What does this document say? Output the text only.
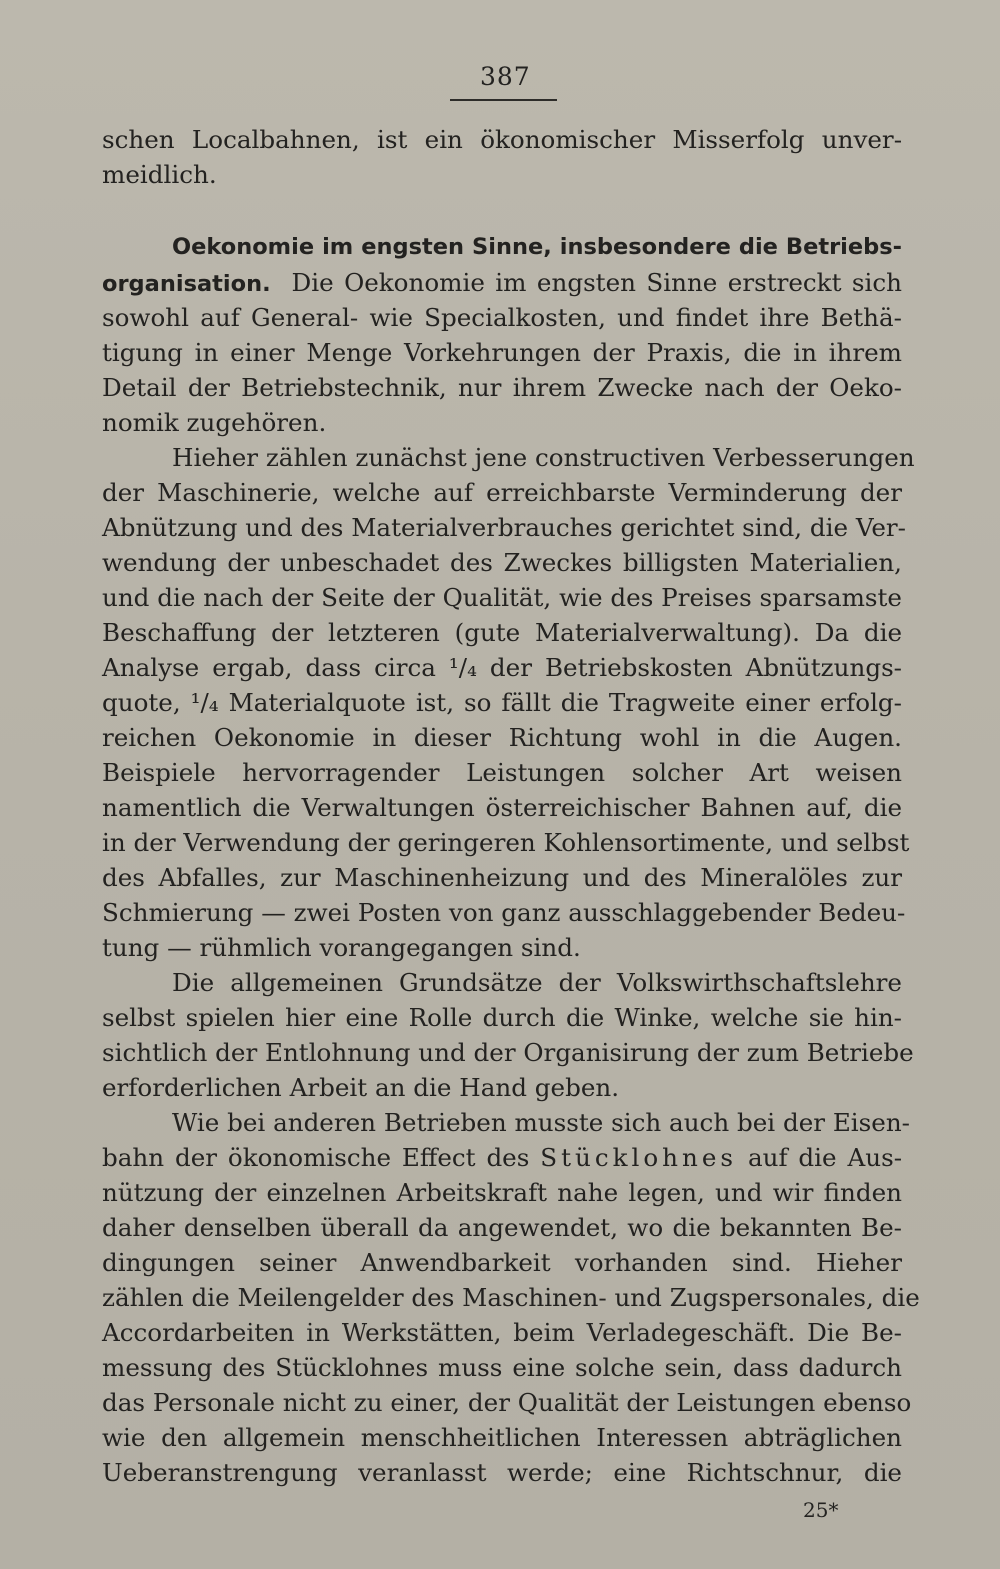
387
schen Localbahnen, ist ein ökonomischer Misserfolg unver-
meidlich.
Oekonomie im engsten Sinne, insbesondere die Betriebs-
organisation. Die Oekonomie im engsten Sinne erstreckt sich
sowohl auf General- wie Specialkosten, und findet ihre Bethä-
tigung in einer Menge Vorkehrungen der Praxis, die in ihrem
Detail der Betriebstechnik, nur ihrem Zwecke nach der Oeko-
nomik zugehören.
Hieher zählen zunächst jene constructiven Verbesserungen
der Maschinerie, welche auf erreichbarste Verminderung der
Abnützung und des Materialverbrauches gerichtet sind, die Ver-
wendung der unbeschadet des Zweckes billigsten Materialien,
und die nach der Seite der Qualität, wie des Preises sparsamste
Beschaffung der letzteren (gute Materialverwaltung). Da die
Analyse ergab, dass circa ¹/₄ der Betriebskosten Abnützungs-
quote, ¹/₄ Materialquote ist, so fällt die Tragweite einer erfolg-
reichen Oekonomie in dieser Richtung wohl in die Augen.
Beispiele hervorragender Leistungen solcher Art weisen
namentlich die Verwaltungen österreichischer Bahnen auf, die
in der Verwendung der geringeren Kohlensortimente, und selbst
des Abfalles, zur Maschinenheizung und des Mineralöles zur
Schmierung — zwei Posten von ganz ausschlaggebender Bedeu-
tung — rühmlich vorangegangen sind.
Die allgemeinen Grundsätze der Volkswirthschaftslehre
selbst spielen hier eine Rolle durch die Winke, welche sie hin-
sichtlich der Entlohnung und der Organisirung der zum Betriebe
erforderlichen Arbeit an die Hand geben.
Wie bei anderen Betrieben musste sich auch bei der Eisen-
bahn der ökonomische Effect des Stücklohnes auf die Aus-
nützung der einzelnen Arbeitskraft nahe legen, und wir finden
daher denselben überall da angewendet, wo die bekannten Be-
dingungen seiner Anwendbarkeit vorhanden sind. Hieher
zählen die Meilengelder des Maschinen- und Zugspersonales, die
Accordarbeiten in Werkstätten, beim Verladegeschäft. Die Be-
messung des Stücklohnes muss eine solche sein, dass dadurch
das Personale nicht zu einer, der Qualität der Leistungen ebenso
wie den allgemein menschheitlichen Interessen abträglichen
Ueberanstrengung veranlasst werde; eine Richtschnur, die
25*
